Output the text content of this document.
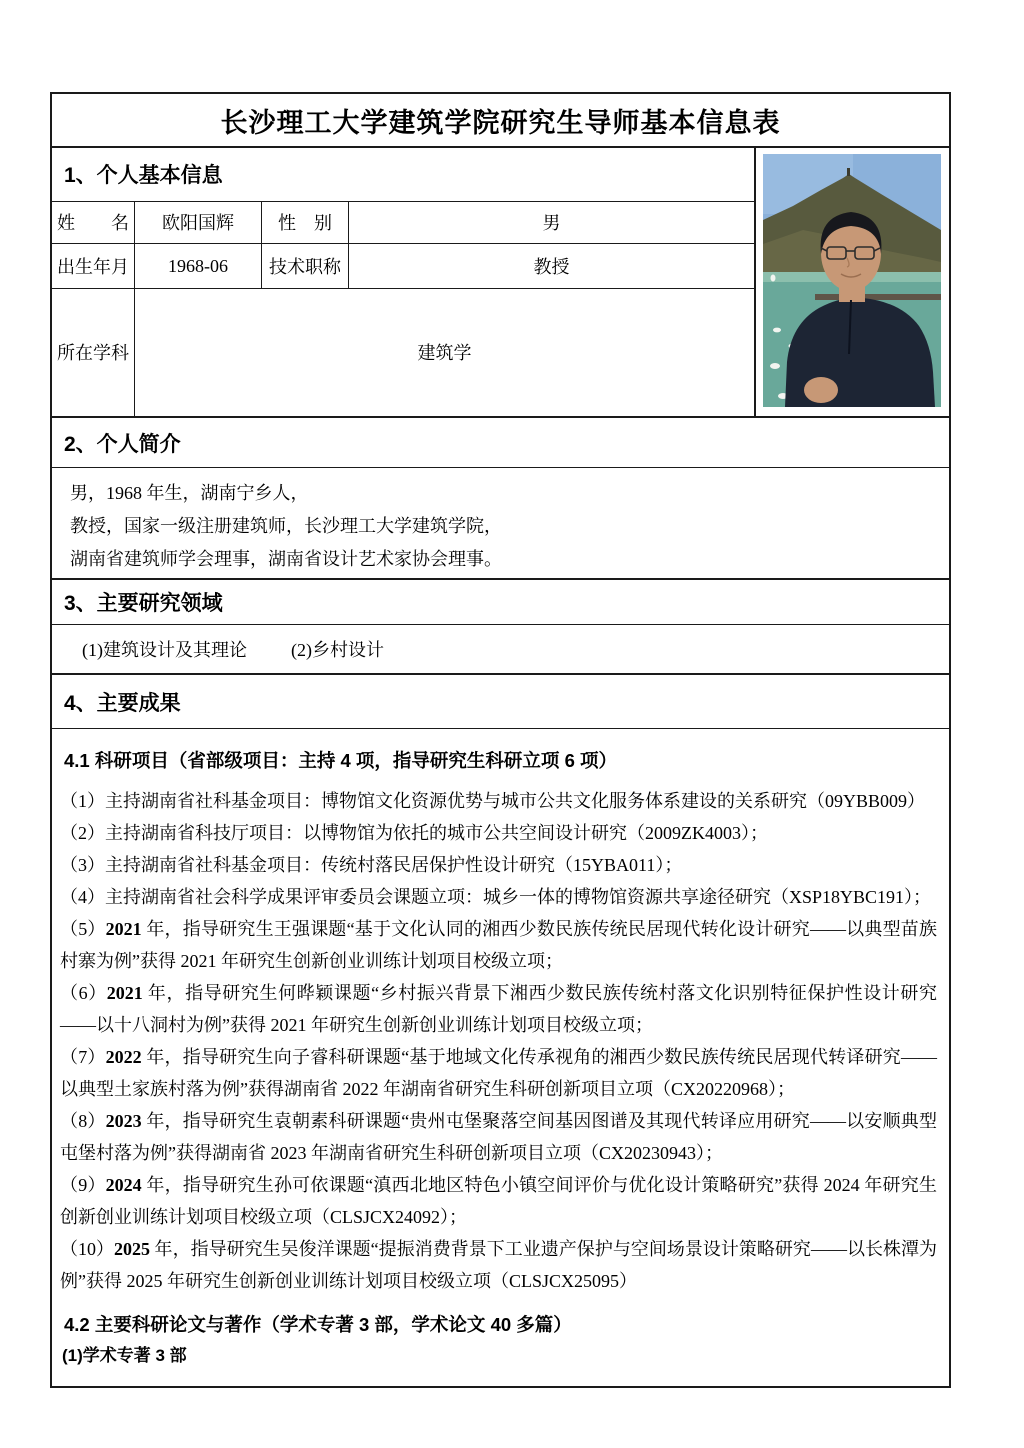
长沙理工大学建筑学院研究生导师基本信息表
1、个人基本信息
姓　　名	欧阳国辉	性　别	男
出生年月	1968-06	技术职称	教授
所在学科	建筑学
2、个人简介

男，1968 年生，湖南宁乡人，

教授，国家一级注册建筑师，长沙理工大学建筑学院，

湖南省建筑师学会理事，湖南省设计艺术家协会理事。

3、主要研究领域
(1)建筑设计及其理论 (2)乡村设计
4、主要成果
4.1 科研项目（省部级项目：主持 4 项，指导研究生科研立项 6 项）

（1）主持湖南省社科基金项目：博物馆文化资源优势与城市公共文化服务体系建设的关系研究（09YBB009）

（2）主持湖南省科技厅项目：以博物馆为依托的城市公共空间设计研究（2009ZK4003）；

（3）主持湖南省社科基金项目：传统村落民居保护性设计研究（15YBA011）；

（4）主持湖南省社会科学成果评审委员会课题立项：城乡一体的博物馆资源共享途径研究（XSP18YBC191）；

（5）2021 年，指导研究生王强课题“基于文化认同的湘西少数民族传统民居现代转化设计研究——以典型苗族村寨为例”获得 2021 年研究生创新创业训练计划项目校级立项；

（6）2021 年，指导研究生何晔颖课题“乡村振兴背景下湘西少数民族传统村落文化识别特征保护性设计研究——以十八洞村为例”获得 2021 年研究生创新创业训练计划项目校级立项；

（7）2022 年，指导研究生向子睿科研课题“基于地域文化传承视角的湘西少数民族传统民居现代转译研究——以典型土家族村落为例”获得湖南省 2022 年湖南省研究生科研创新项目立项（CX20220968）；

（8）2023 年，指导研究生袁朝素科研课题“贵州屯堡聚落空间基因图谱及其现代转译应用研究——以安顺典型屯堡村落为例”获得湖南省 2023 年湖南省研究生科研创新项目立项（CX20230943）；

（9）2024 年，指导研究生孙可依课题“滇西北地区特色小镇空间评价与优化设计策略研究”获得 2024 年研究生创新创业训练计划项目校级立项（CLSJCX24092）；

（10）2025 年，指导研究生吴俊洋课题“提振消费背景下工业遗产保护与空间场景设计策略研究——以长株潭为例”获得 2025 年研究生创新创业训练计划项目校级立项（CLSJCX25095）

4.2 主要科研论文与著作（学术专著 3 部，学术论文 40 多篇）

(1)学术专著 3 部
